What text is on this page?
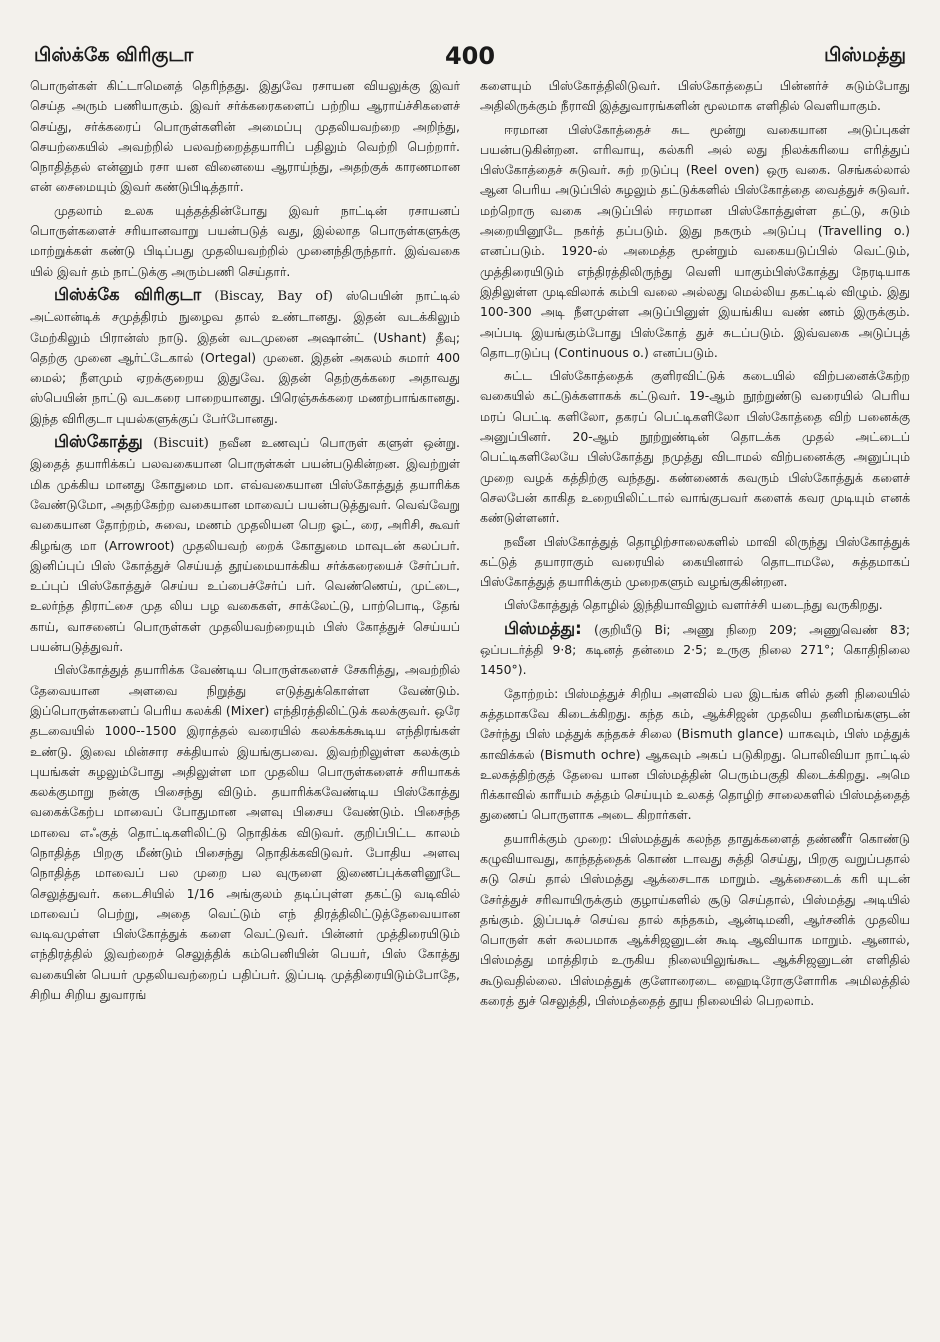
பிஸ்க்கே விரிகுடா	400	பிஸ்மத்து

பொருள்கள் கிட்டாமெனத் தெரிந்தது. இதுவே ரசாயன வியலுக்கு இவர் செய்த அரும் பணியாகும். இவர் சர்க்கரைகளைப் பற்றிய ஆராய்ச்சிகளைச் செய்து, சர்க்கரைப் பொருள்களின் அமைப்பு முதலியவற்றை அறிந்து, செயற்கையில் அவற்றில் பலவற்றைத்தயாரிப் பதிலும் வெற்றி பெற்றார். நொதித்தல் என்னும் ரசா யன வினையை ஆராய்ந்து, அதற்குக் காரணமான என் சைமையும் இவர் கண்டுபிடித்தார்.

முதலாம் உலக யுத்தத்தின்போது இவர் நாட்டின் ரசாயனப் பொருள்களைச் சரியானவாறு பயன்படுத் வது, இல்லாத பொருள்களுக்கு மாற்றுக்கள் கண்டு பிடிப்பது முதலியவற்றில் முனைந்திருந்தார். இவ்வகை யில் இவர் தம் நாட்டுக்கு அரும்பணி செய்தார்.

பிஸ்க்கே விரிகுடா (Biscay, Bay of) ஸ்பெயின் நாட்டில் அட்லான்டிக் சமுத்திரம் நுழைவ தால் உண்டானது. இதன் வடக்கிலும் மேற்கிலும் பிரான்ஸ் நாடு. இதன் வடமுனை அஷான்ட் (Ushant) தீவு; தெற்கு முனை ஆர்ட்டேகால் (Ortegal) முனை. இதன் அகலம் சுமார் 400 மைல்; நீளமும் ஏறக்குறைய இதுவே. இதன் தெற்குக்கரை அதாவது ஸ்பெயின் நாட்டு வடகரை பாறையானது. பிரெஞ்சுக்கரை மணற்பாங்கானது. இந்த விரிகுடா புயல்களுக்குப் பேர்போனது.

பிஸ்கோத்து (Biscuit) நவீன உணவுப் பொருள் களுள் ஒன்று. இதைத் தயாரிக்கப் பலவகையான பொருள்கள் பயன்படுகின்றன. இவற்றுள் மிக முக்கிய மானது கோதுமை மா. எவ்வகையான பிஸ்கோத்துத் தயாரிக்க வேண்டுமோ, அதற்கேற்ற வகையான மாவைப் பயன்படுத்துவர். வெவ்வேறு வகையான தோற்றம், சுவை, மணம் முதலியன பெற ஓட், ரை, அரிசி, கூவர் கிழங்கு மா (Arrowroot) முதலியவற் றைக் கோதுமை மாவுடன் கலப்பர். இனிப்புப் பிஸ் கோத்துச் செய்யத் தூய்மையாக்கிய சர்க்கரையைச் சேர்ப்பர். உப்புப் பிஸ்கோத்துச் செய்ய உப்பைச்சேர்ப் பர். வெண்ணெய், முட்டை, உலர்ந்த திராட்சை முத லிய பழ வகைகள், சாக்லேட்டு, பாற்பொடி, தேங் காய், வாசனைப் பொருள்கள் முதலியவற்றையும் பிஸ் கோத்துச் செய்யப் பயன்படுத்துவர்.

பிஸ்கோத்துத் தயாரிக்க வேண்டிய பொருள்களைச் சேகரித்து, அவற்றில் தேவையான அளவை நிறுத்து எடுத்துக்கொள்ள வேண்டும். இப்பொருள்களைப் பெரிய கலக்கி (Mixer) எந்திரத்திலிட்டுக் கலக்குவர். ஒரே தடவையில் 1000--1500 இராத்தல் வரையில் கலக்கக்கூடிய எந்திரங்கள் உண்டு. இவை மின்சார சக்தியால் இயங்குபவை. இவற்றிலுள்ள கலக்கும் புயங்கள் சுழலும்போது அதிலுள்ள மா முதலிய பொருள்களைச் சரியாகக் கலக்குமாறு நன்கு பிசைந்து விடும். தயாரிக்கவேண்டிய பிஸ்கோத்து வகைக்கேற்ப மாவைப் போதுமான அளவு பிசைய வேண்டும். பிசைந்த மாவை எஃகுத் தொட்டிகளிலிட்டு நொதிக்க விடுவர். குறிப்பிட்ட காலம் நொதித்த பிறகு மீண்டும் பிசைந்து நொதிக்கவிடுவர். போதிய அளவு நொதித்த மாவைப் பல முறை பல வுருளை இணைப்புக்களினூடே செலுத்துவர். கடைசியில் 1/16 அங்குலம் தடிப்புள்ள தகட்டு வடிவில் மாவைப் பெற்று, அதை வெட்டும் எந் திரத்திலிட்டுத்தேவையான வடிவமுள்ள பிஸ்கோத்துக் களை வெட்டுவர். பின்னர் முத்திரையிடும் எந்திரத்தில் இவற்றைச் செலுத்திக் கம்பெனியின் பெயர், பிஸ் கோத்து வகையின் பெயர் முதலியவற்றைப் பதிப்பர். இப்படி முத்திரையிடும்போதே, சிறிய சிறிய துவாரங்

களையும் பிஸ்கோத்திலிடுவர். பிஸ்கோத்தைப் பின்னர்ச் சுடும்போது அதிலிருக்கும் நீராவி இத்துவாரங்களின் மூலமாக எளிதில் வெளியாகும்.

ஈரமான பிஸ்கோத்தைச் சுட மூன்று வகையான அடுப்புகள் பயன்படுகின்றன. எரிவாயு, கல்கரி அல் லது நிலக்கரியை எரித்துப் பிஸ்கோத்தைச் சுடுவர். சுற் றடுப்பு (Reel oven) ஒரு வகை. செங்கல்லால் ஆன பெரிய அடுப்பில் சுழலும் தட்டுக்களில் பிஸ்கோத்தை வைத்துச் சுடுவர். மற்றொரு வகை அடுப்பில் ஈரமான பிஸ்கோத்துள்ள தட்டு, சுடும் அறையினூடே நகர்த் தப்படும். இது நகரும் அடுப்பு (Travelling o.) எனப்படும். 1920-ல் அமைத்த மூன்றும் வகையடுப்பில் வெட்டும், முத்திரையிடும் எந்திரத்திலிருந்து வெளி யாகும்பிஸ்கோத்து நேரடியாக இதிலுள்ள முடிவிலாக் கம்பி வலை அல்லது மெல்லிய தகட்டில் விழும். இது 100-300 அடி நீளமுள்ள அடுப்பினுள் இயங்கிய வண் ணம் இருக்கும். அப்படி இயங்கும்போது பிஸ்கோத் துச் சுடப்படும். இவ்வகை அடுப்புத் தொடரடுப்பு (Continuous o.) எனப்படும்.

சுட்ட பிஸ்கோத்தைக் குளிரவிட்டுக் கடையில் விற்பனைக்கேற்ற வகையில் கட்டுக்களாகக் கட்டுவர். 19-ஆம் நூற்றுண்டு வரையில் பெரிய மரப் பெட்டி களிலோ, தகரப் பெட்டிகளிலோ பிஸ்கோத்தை விற் பனைக்கு அனுப்பினர். 20-ஆம் நூற்றுண்டின் தொடக்க முதல் அட்டைப் பெட்டிகளிலேயே பிஸ்கோத்து நமுத்து விடாமல் விற்பனைக்கு அனுப்பும் முறை வழக் கத்திற்கு வந்தது. கண்ணைக் கவரும் பிஸ்கோத்துக் களைச் செலபேன் காகித உறையிலிட்டால் வாங்குபவர் களைக் கவர முடியும் எனக் கண்டுள்ளனர்.

நவீன பிஸ்கோத்துத் தொழிற்சாலைகளில் மாவி லிருந்து பிஸ்கோத்துக் கட்டுத் தயாராகும் வரையில் கையினால் தொடாமலே, சுத்தமாகப் பிஸ்கோத்துத் தயாரிக்கும் முறைகளும் வழங்குகின்றன.

பிஸ்கோத்துத் தொழில் இந்தியாவிலும் வளர்ச்சி யடைந்து வருகிறது.

பிஸ்மத்து: (குறியீடு Bi; அணு நிறை 209; அணுவெண் 83; ஒப்படர்த்தி 9·8; கடினத் தன்மை 2·5; உருகு நிலை 271°; கொதிநிலை 1450°).

தோற்றம்: பிஸ்மத்துச் சிறிய அளவில் பல இடங்க ளில் தனி நிலையில் சுத்தமாகவே கிடைக்கிறது. கந்த கம், ஆக்சிஜன் முதலிய தனிமங்களுடன் சேர்ந்து பிஸ் மத்துக் கந்தகச் சிலை (Bismuth glance) யாகவும், பிஸ் மத்துக் காவிக்கல் (Bismuth ochre) ஆகவும் அகப் படுகிறது. பொலிவியா நாட்டில் உலகத்திற்குத் தேவை யான பிஸ்மத்தின் பெரும்பகுதி கிடைக்கிறது. அமெ ரிக்காவில் காரீயம் சுத்தம் செய்யும் உலகத் தொழிற் சாலைகளில் பிஸ்மத்தைத் துணைப் பொருளாக அடை கிறார்கள்.

தயாரிக்கும் முறை: பிஸ்மத்துக் கலந்த தாதுக்களைத் தண்ணீர் கொண்டு கழுவியாவது, காந்தத்தைக் கொண் டாவது சுத்தி செய்து, பிறகு வறுப்பதால் சுடு செய் தால் பிஸ்மத்து ஆக்சைடாக மாறும். ஆக்சைடைக் கரி யுடன் சேர்த்துச் சரிவாயிருக்கும் குழாய்களில் சூடு செய்தால், பிஸ்மத்து அடியில் தங்கும். இப்படிச் செய்வ தால் கந்தகம், ஆன்டிமனி, ஆர்சனிக் முதலிய பொருள் கள் சுலபமாக ஆக்சிஜனுடன் கூடி ஆவியாக மாறும். ஆனால், பிஸ்மத்து மாத்திரம் உருகிய நிலையிலுங்கூட ஆக்சிஜனுடன் எளிதில் கூடுவதில்லை. பிஸ்மத்துக் குளோரைடை ஹைடிரோகுளோரிக அமிலத்தில் கரைத் துச் செலுத்தி, பிஸ்மத்தைத் தூய நிலையில் பெறலாம்.
